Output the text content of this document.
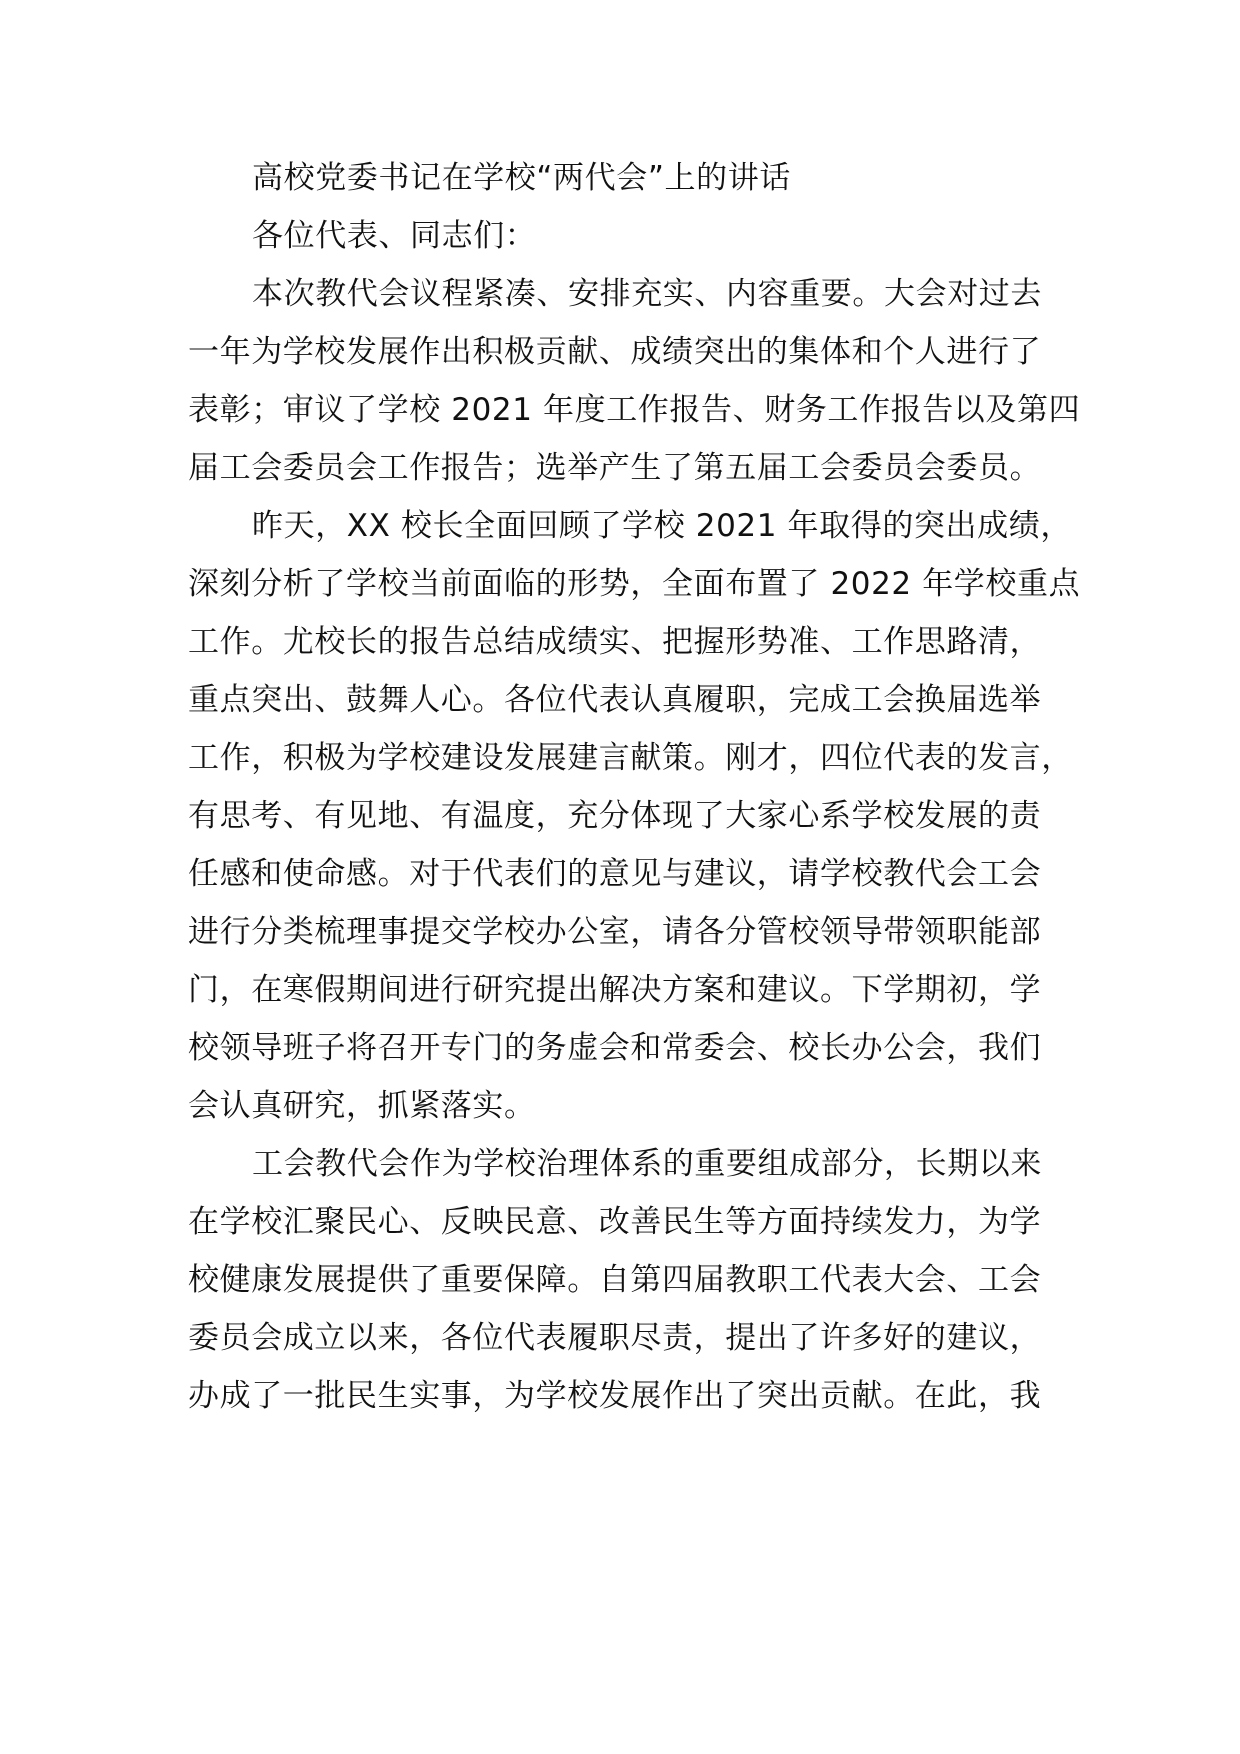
高校党委书记在学校“两代会”上的讲话
各位代表、同志们：
本次教代会议程紧凑、安排充实、内容重要。大会对过去
一年为学校发展作出积极贡献、成绩突出的集体和个人进行了
表彰；审议了学校 2021 年度工作报告、财务工作报告以及第四
届工会委员会工作报告；选举产生了第五届工会委员会委员。
昨天，XX 校长全面回顾了学校 2021 年取得的突出成绩，
深刻分析了学校当前面临的形势，全面布置了 2022 年学校重点
工作。尤校长的报告总结成绩实、把握形势准、工作思路清，
重点突出、鼓舞人心。各位代表认真履职，完成工会换届选举
工作，积极为学校建设发展建言献策。刚才，四位代表的发言，
有思考、有见地、有温度，充分体现了大家心系学校发展的责
任感和使命感。对于代表们的意见与建议，请学校教代会工会
进行分类梳理事提交学校办公室，请各分管校领导带领职能部
门，在寒假期间进行研究提出解决方案和建议。下学期初，学
校领导班子将召开专门的务虚会和常委会、校长办公会，我们
会认真研究，抓紧落实。
工会教代会作为学校治理体系的重要组成部分，长期以来
在学校汇聚民心、反映民意、改善民生等方面持续发力，为学
校健康发展提供了重要保障。自第四届教职工代表大会、工会
委员会成立以来，各位代表履职尽责，提出了许多好的建议，
办成了一批民生实事，为学校发展作出了突出贡献。在此，我
